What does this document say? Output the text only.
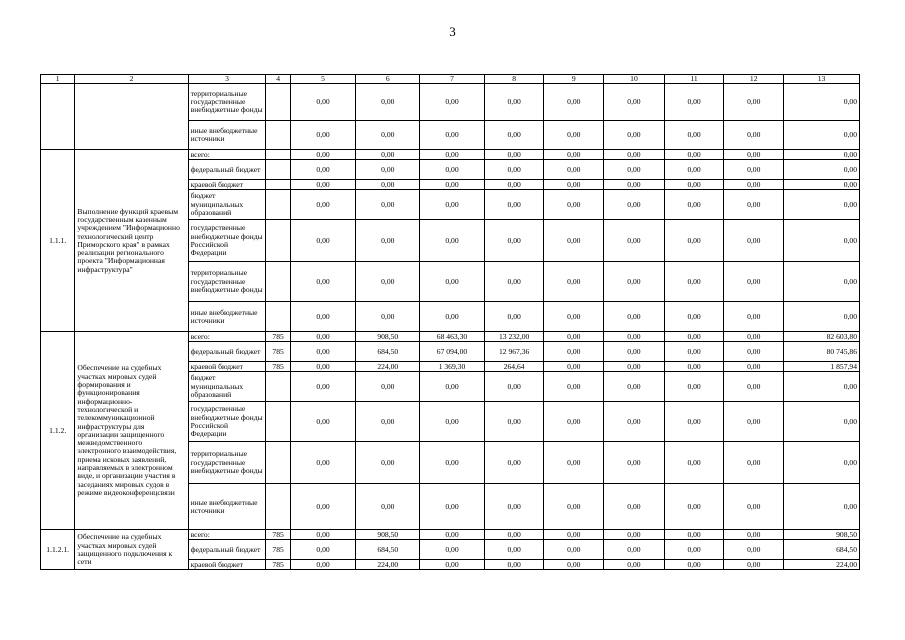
3
1	2	3	4	5	6	7	8	9	10	11	12	13
		территориальные государственные внебюджетные фонды		0,00	0,00	0,00	0,00	0,00	0,00	0,00	0,00	0,00
		иные внебюджетные источники		0,00	0,00	0,00	0,00	0,00	0,00	0,00	0,00	0,00
1.1.1.	Выполнение функций краевым государственным казенным учреждением "Информационно технологический центр Приморского края" в рамках реализации регионального проекта "Информационная инфраструктура"	всего:		0,00	0,00	0,00	0,00	0,00	0,00	0,00	0,00	0,00
		федеральный бюджет		0,00	0,00	0,00	0,00	0,00	0,00	0,00	0,00	0,00
		краевой бюджет		0,00	0,00	0,00	0,00	0,00	0,00	0,00	0,00	0,00
		бюджет муниципальных образований		0,00	0,00	0,00	0,00	0,00	0,00	0,00	0,00	0,00
		государственные внебюджетные фонды Российской Федерации		0,00	0,00	0,00	0,00	0,00	0,00	0,00	0,00	0,00
		территориальные государственные внебюджетные фонды		0,00	0,00	0,00	0,00	0,00	0,00	0,00	0,00	0,00
		иные внебюджетные источники		0,00	0,00	0,00	0,00	0,00	0,00	0,00	0,00	0,00
1.1.2.	Обеспечение на судебных участках мировых судей формирования и функционирования информационно-технологической и телекоммуникационной инфраструктуры для организации защищенного межведомственного электронного взаимодействия, приема исковых заявлений, направляемых в электронном виде, и организации участия в заседаниях мировых судов в режиме видеоконференцсвязи	всего:	785	0,00	908,50	68 463,30	13 232,00	0,00	0,00	0,00	0,00	82 603,80
		федеральный бюджет	785	0,00	684,50	67 094,00	12 967,36	0,00	0,00	0,00	0,00	80 745,86
		краевой бюджет	785	0,00	224,00	1 369,30	264,64	0,00	0,00	0,00	0,00	1 857,94
		бюджет муниципальных образований		0,00	0,00	0,00	0,00	0,00	0,00	0,00	0,00	0,00
		государственные внебюджетные фонды Российской Федерации		0,00	0,00	0,00	0,00	0,00	0,00	0,00	0,00	0,00
		территориальные государственные внебюджетные фонды		0,00	0,00	0,00	0,00	0,00	0,00	0,00	0,00	0,00
		иные внебюджетные источники		0,00	0,00	0,00	0,00	0,00	0,00	0,00	0,00	0,00
1.1.2.1.	Обеспечение на судебных участках мировых судей защищенного подключения к сети	всего:	785	0,00	908,50	0,00	0,00	0,00	0,00	0,00	0,00	908,50
		федеральный бюджет	785	0,00	684,50	0,00	0,00	0,00	0,00	0,00	0,00	684,50
		краевой бюджет	785	0,00	224,00	0,00	0,00	0,00	0,00	0,00	0,00	224,00
